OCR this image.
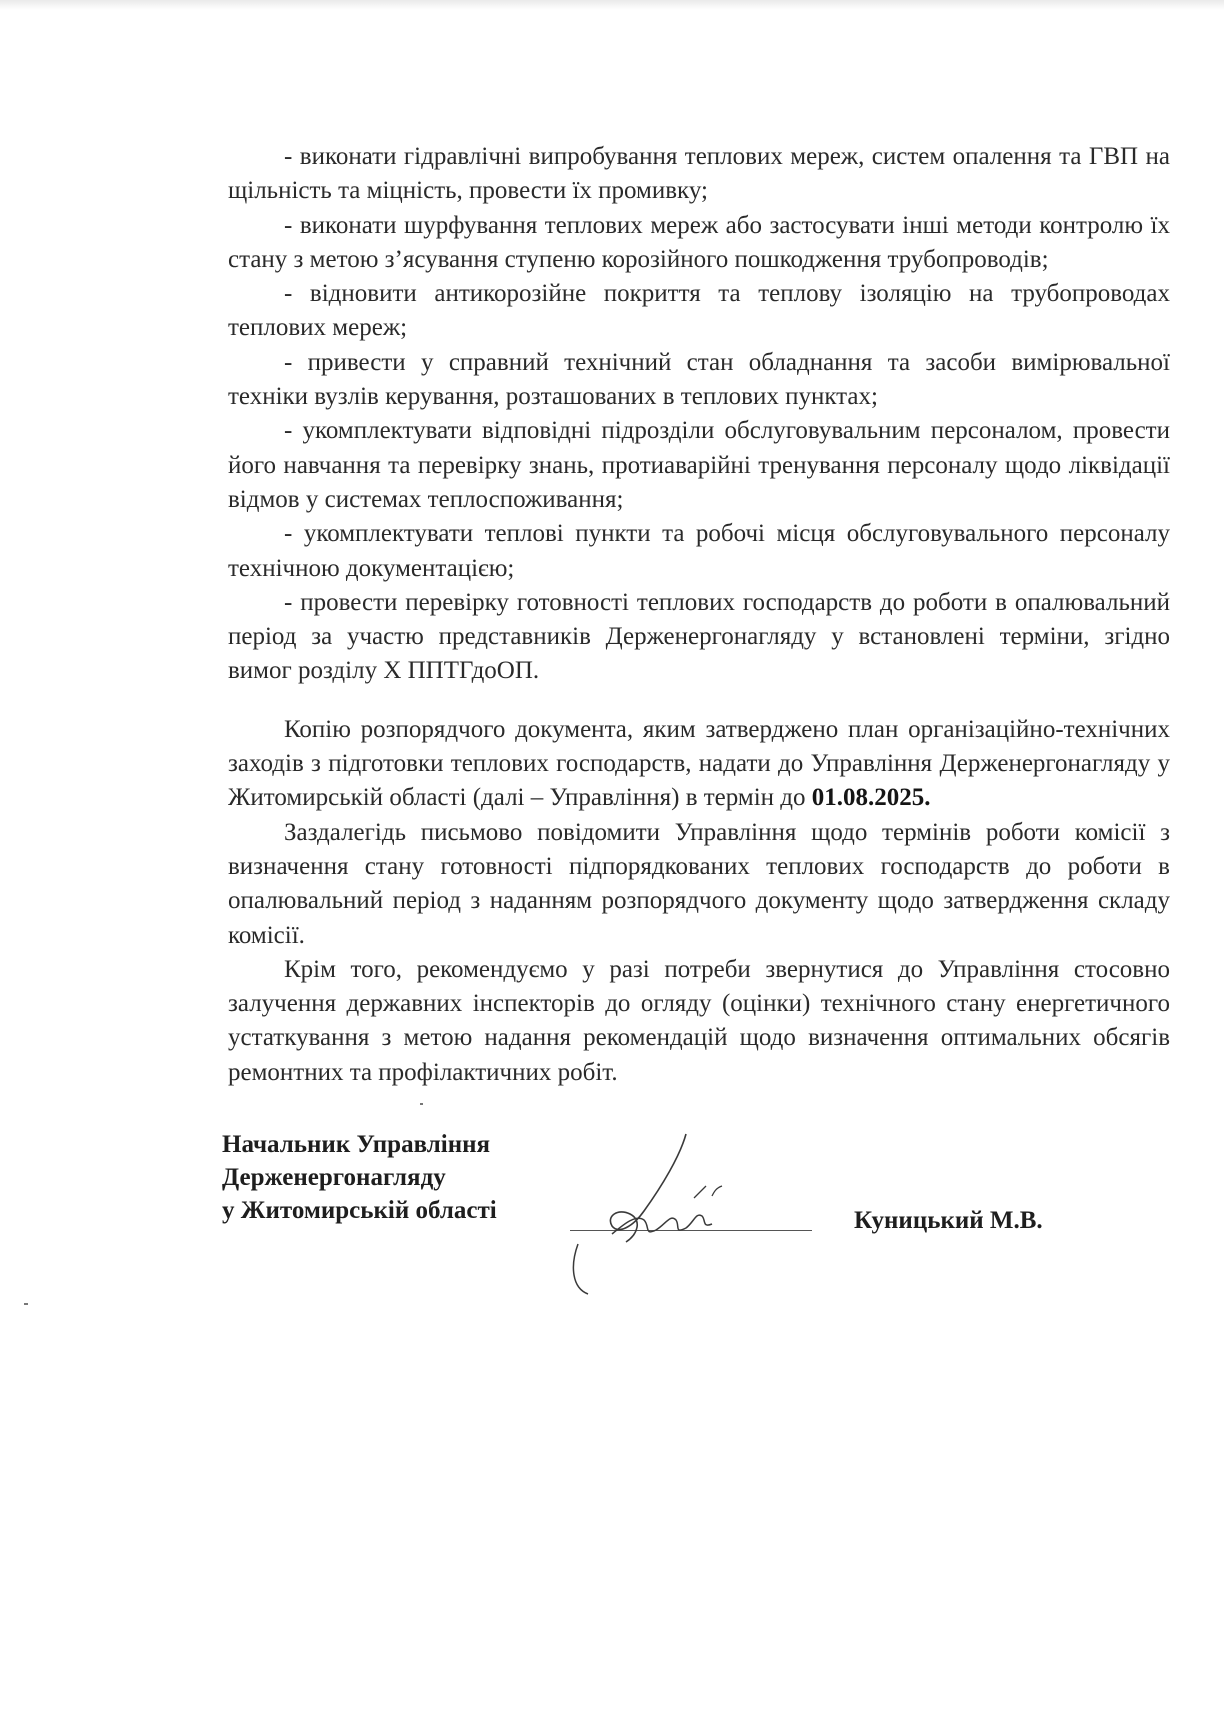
- виконати гідравлічні випробування теплових мереж, систем опалення та ГВП на щільність та міцність, провести їх промивку;

- виконати шурфування теплових мереж або застосувати інші методи контролю їх стану з метою з’ясування ступеню корозійного пошкодження трубопроводів;

- відновити антикорозійне покриття та теплову ізоляцію на трубопроводах теплових мереж;

- привести у справний технічний стан обладнання та засоби вимірювальної техніки вузлів керування, розташованих в теплових пунктах;

- укомплектувати відповідні підрозділи обслуговувальним персоналом, провести його навчання та перевірку знань, протиаварійні тренування персоналу щодо ліквідації відмов у системах теплоспоживання;

- укомплектувати теплові пункти та робочі місця обслуговувального персоналу технічною документацією;

- провести перевірку готовності теплових господарств до роботи в опалювальний період за участю представників Держенергонагляду у встановлені терміни, згідно вимог розділу Х ППТГдоОП.

Копію розпорядчого документа, яким затверджено план організаційно-технічних заходів з підготовки теплових господарств, надати до Управління Держенергонагляду у Житомирській області (далі – Управління) в термін до 01.08.2025.

Заздалегідь письмово повідомити Управління щодо термінів роботи комісії з визначення стану готовності підпорядкованих теплових господарств до роботи в опалювальний період з наданням розпорядчого документу щодо затвердження складу комісії.

Крім того, рекомендуємо у разі потреби звернутися до Управління стосовно залучення державних інспекторів до огляду (оцінки) технічного стану енергетичного устаткування з метою надання рекомендацій щодо визначення оптимальних обсягів ремонтних та профілактичних робіт.

Начальник Управління
Держенергонагляду
у Житомирській області	Куницький М.В.
